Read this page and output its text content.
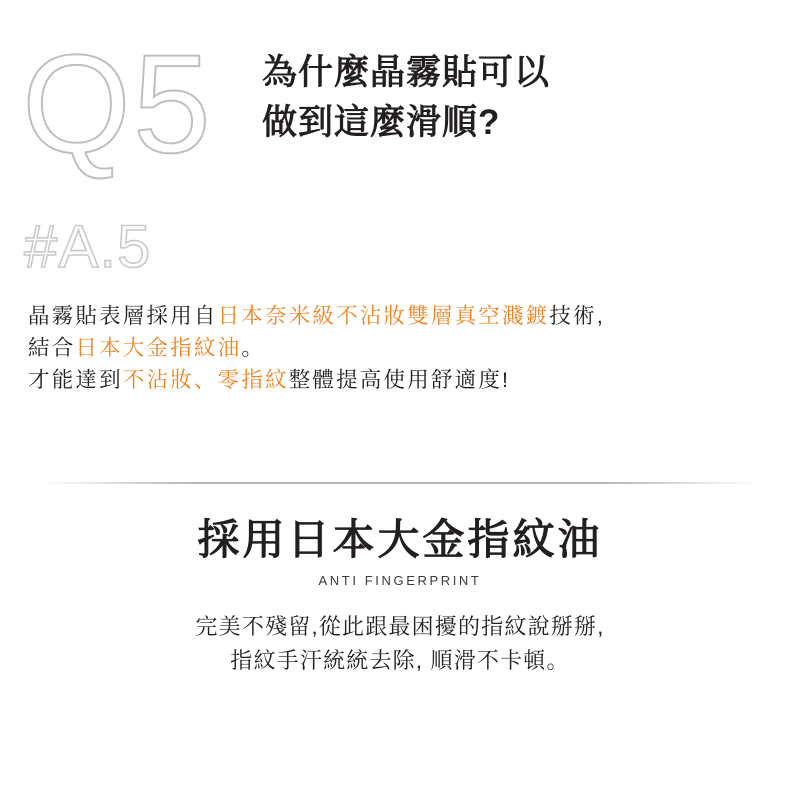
Q5 為什麼晶霧貼可以
做到這麼滑順?
#A.5
晶霧貼表層採用自日本奈米級不沾妝雙層真空濺鍍技術,
結合日本大金指紋油。
才能達到不沾妝、零指紋整體提高使用舒適度!
採用日本大金指紋油
ANTI FINGERPRINT
完美不殘留,從此跟最困擾的指紋說掰掰,
指紋手汗統統去除, 順滑不卡頓。
